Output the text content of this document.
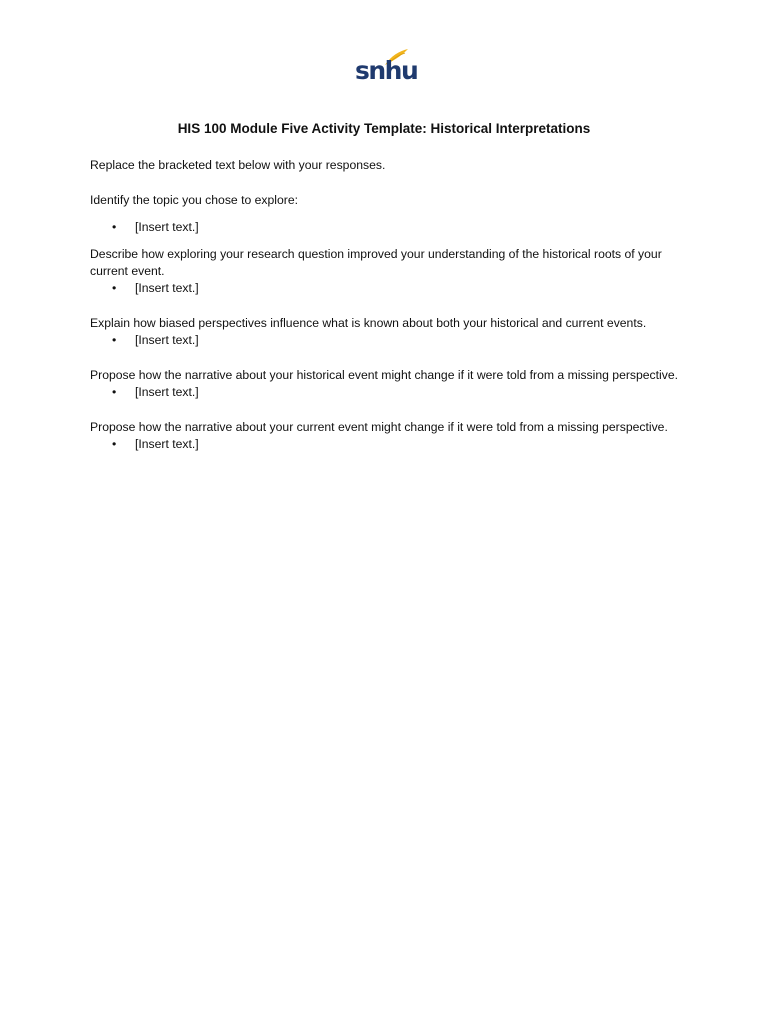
snhu
HIS 100 Module Five Activity Template: Historical Interpretations

Replace the bracketed text below with your responses.

Identify the topic you chose to explore:

• [Insert text.]

Describe how exploring your research question improved your understanding of the historical roots of your current event.

• [Insert text.]

Explain how biased perspectives influence what is known about both your historical and current events.

• [Insert text.]

Propose how the narrative about your historical event might change if it were told from a missing perspective.

• [Insert text.]

Propose how the narrative about your current event might change if it were told from a missing perspective.

• [Insert text.]
